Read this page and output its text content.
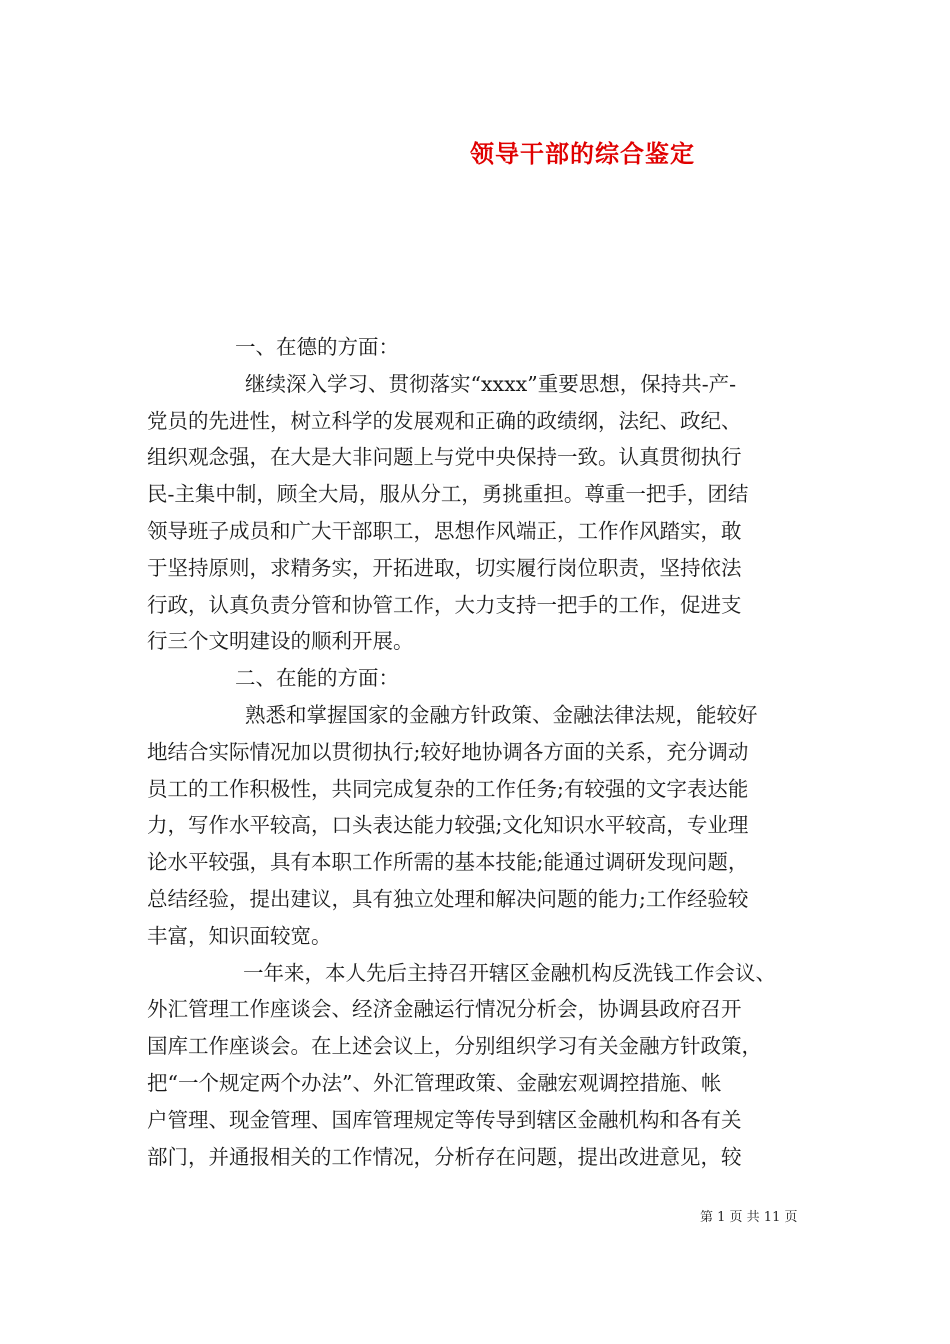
领导干部的综合鉴定
一、在德的方面：
继续深入学习、贯彻落实“xxxx”重要思想，保持共-产-
党员的先进性，树立科学的发展观和正确的政绩纲，法纪、政纪、
组织观念强，在大是大非问题上与党中央保持一致。认真贯彻执行
民-主集中制，顾全大局，服从分工，勇挑重担。尊重一把手，团结
领导班子成员和广大干部职工，思想作风端正，工作作风踏实，敢
于坚持原则，求精务实，开拓进取，切实履行岗位职责，坚持依法
行政，认真负责分管和协管工作，大力支持一把手的工作，促进支
行三个文明建设的顺利开展。
二、在能的方面：
熟悉和掌握国家的金融方针政策、金融法律法规，能较好
地结合实际情况加以贯彻执行;较好地协调各方面的关系，充分调动
员工的工作积极性，共同完成复杂的工作任务;有较强的文字表达能
力，写作水平较高，口头表达能力较强;文化知识水平较高，专业理
论水平较强，具有本职工作所需的基本技能;能通过调研发现问题，
总结经验，提出建议，具有独立处理和解决问题的能力;工作经验较
丰富，知识面较宽。
一年来，本人先后主持召开辖区金融机构反洗钱工作会议、
外汇管理工作座谈会、经济金融运行情况分析会，协调县政府召开
国库工作座谈会。在上述会议上，分别组织学习有关金融方针政策，
把“一个规定两个办法”、外汇管理政策、金融宏观调控措施、帐
户管理、现金管理、国库管理规定等传导到辖区金融机构和各有关
部门，并通报相关的工作情况，分析存在问题，提出改进意见，较
第 1 页 共 11 页
